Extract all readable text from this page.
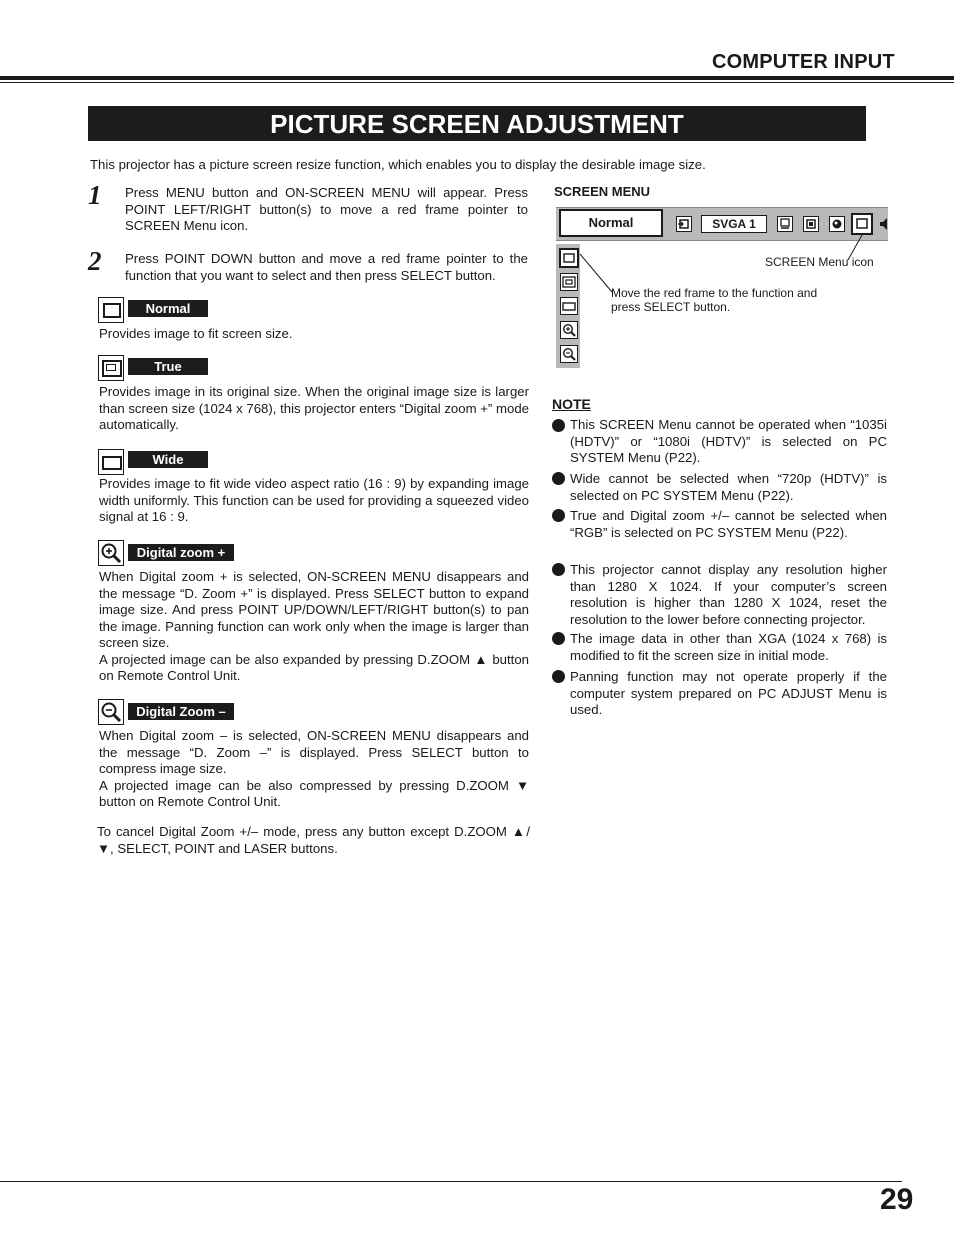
COMPUTER INPUT
PICTURE SCREEN ADJUSTMENT
This projector has a picture screen resize function, which enables you to display the desirable image size.
1 Press MENU button and ON-SCREEN MENU will appear. Press POINT LEFT/RIGHT button(s) to move a red frame pointer to SCREEN Menu icon.
2 Press POINT DOWN button and move a red frame pointer to the function that you want to select and then press SELECT button.
Normal
Provides image to fit screen size.
True
Provides image in its original size. When the original image size is larger than screen size (1024 x 768), this projector enters “Digital zoom +” mode automatically.
Wide
Provides image to fit wide video aspect ratio (16 : 9) by expanding image width uniformly. This function can be used for providing a squeezed video signal at 16 : 9.
Digital zoom +
When Digital zoom + is selected, ON-SCREEN MENU disappears and the message “D. Zoom +” is displayed. Press SELECT button to expand image size. And press POINT UP/DOWN/LEFT/RIGHT button(s) to pan the image. Panning function can work only when the image is larger than screen size.
A projected image can be also expanded by pressing D.ZOOM ▲ button on Remote Control Unit.
Digital Zoom –
When Digital zoom – is selected, ON-SCREEN MENU disappears and the message “D. Zoom –” is displayed. Press SELECT button to compress image size.
A projected image can be also compressed by pressing D.ZOOM ▼ button on Remote Control Unit.
To cancel Digital Zoom +/– mode, press any button except D.ZOOM ▲/▼, SELECT, POINT and LASER buttons.
SCREEN MENU
Normal	SVGA 1
SCREEN Menu icon
Move the red frame to the function and press SELECT button.
NOTE
This SCREEN Menu cannot be operated when “1035i (HDTV)” or “1080i (HDTV)” is selected on PC SYSTEM Menu (P22).
Wide cannot be selected when “720p (HDTV)” is selected on PC SYSTEM Menu (P22).
True and Digital zoom +/– cannot be selected when “RGB” is selected on PC SYSTEM Menu (P22).
This projector cannot display any resolution higher than 1280 X 1024. If your computer’s screen resolution is higher than 1280 X 1024, reset the resolution to the lower before connecting projector.
The image data in other than XGA (1024 x 768) is modified to fit the screen size in initial mode.
Panning function may not operate properly if the computer system prepared on PC ADJUST Menu is used.
29
